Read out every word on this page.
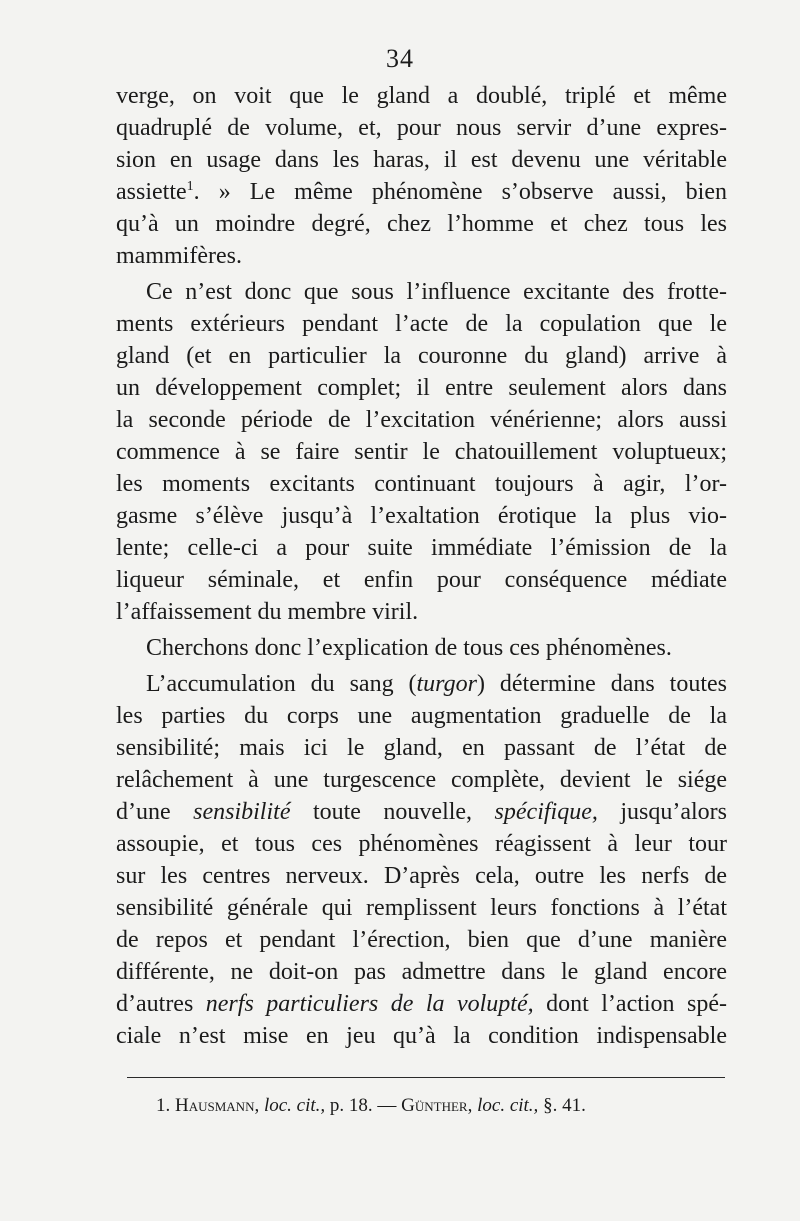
34
verge, on voit que le gland a doublé, triplé et même
quadruplé de volume, et, pour nous servir d’une expres-
sion en usage dans les haras, il est devenu une véritable
assiette$^1$. » Le même phénomène s’observe aussi, bien
qu’à un moindre degré, chez l’homme et chez tous les
mammifères.
Ce n’est donc que sous l’influence excitante des frotte-
ments extérieurs pendant l’acte de la copulation que le
gland (et en particulier la couronne du gland) arrive à
un développement complet; il entre seulement alors dans
la seconde période de l’excitation vénérienne; alors aussi
commence à se faire sentir le chatouillement voluptueux;
les moments excitants continuant toujours à agir, l’or-
gasme s’élève jusqu’à l’exaltation érotique la plus vio-
lente; celle-ci a pour suite immédiate l’émission de la
liqueur séminale, et enfin pour conséquence médiate
l’affaissement du membre viril.
Cherchons donc l’explication de tous ces phénomènes.
L’accumulation du sang (turgor) détermine dans toutes
les parties du corps une augmentation graduelle de la
sensibilité; mais ici le gland, en passant de l’état de
relâchement à une turgescence complète, devient le siége
d’une sensibilité toute nouvelle, spécifique, jusqu’alors
assoupie, et tous ces phénomènes réagissent à leur tour
sur les centres nerveux. D’après cela, outre les nerfs de
sensibilité générale qui remplissent leurs fonctions à l’état
de repos et pendant l’érection, bien que d’une manière
différente, ne doit-on pas admettre dans le gland encore
d’autres nerfs particuliers de la volupté, dont l’action spé-
ciale n’est mise en jeu qu’à la condition indispensable
1. Hausmann, loc. cit., p. 18. — Günther, loc. cit., §. 41.
